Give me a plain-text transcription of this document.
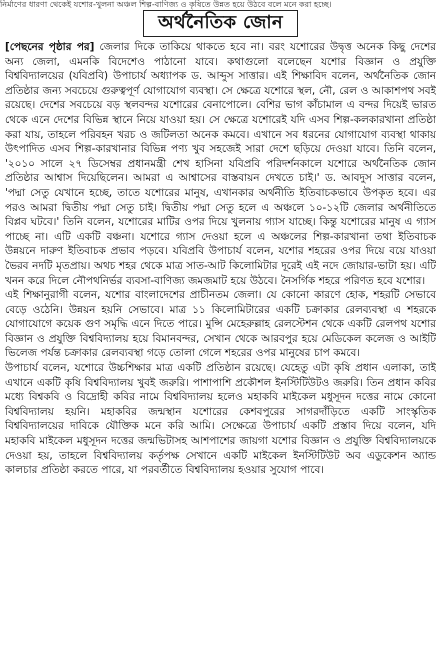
নির্মাণের ধারণা থেকেই যশোর-খুলনা অঞ্চল শিল্প-বাণিজ্য ও কৃষিতে উন্নত হয়ে উঠবে বলে মনে করা হচ্ছে।
অর্থনৈতিক জোন

[পেছনের পৃষ্ঠার পর] জেলার দিকে তাকিয়ে থাকতে হবে না। বরং যশোরের উদ্বৃত্ত অনেক কিছু দেশের অন্য জেলা, এমনকি বিদেশেও পাঠানো যাবে। কথাগুলো বলেছেন যশোর বিজ্ঞান ও প্রযুক্তি বিশ্ববিদ্যালয়ের (যবিপ্রবি) উপাচার্য অধ্যাপক ড. আব্দুস সাত্তার। এই শিক্ষাবিদ বলেন, অর্থনৈতিক জোন প্রতিষ্ঠার জন্য সবচেয়ে গুরুত্বপূর্ণ যোগাযোগ ব্যবস্থা। সে ক্ষেত্রে যশোরে স্থল, নৌ, রেল ও আকাশপথ সবই রয়েছে। দেশের সবচেয়ে বড় স্থলবন্দর যশোরের বেনাপোলে। বেশির ভাগ কাঁচামাল এ বন্দর দিয়েই ভারত থেকে এনে দেশের বিভিন্ন স্থানে নিয়ে যাওয়া হয়। সে ক্ষেত্রে যশোরেই যদি এসব শিল্প-কলকারখানা প্রতিষ্ঠা করা যায়, তাহলে পরিবহন খরচ ও জটিলতা অনেক কমবে। এখানে সব ধরনের যোগাযোগ ব্যবস্থা থাকায় উৎপাদিত এসব শিল্প-কারখানার বিভিন্ন পণ্য খুব সহজেই সারা দেশে ছড়িয়ে দেওয়া যাবে। তিনি বলেন, '২০১০ সালে ২৭ ডিসেম্বর প্রধানমন্ত্রী শেখ হাসিনা যবিপ্রবি পরিদর্শনকালে যশোরে অর্থনৈতিক জোন প্রতিষ্ঠার আশ্বাস দিয়েছিলেন। আমরা এ আশ্বাসের বাস্তবায়ন দেখতে চাই।' ড. আবদুস সাত্তার বলেন, 'পদ্মা সেতু যেখানে হচ্ছে, তাতে যশোরের মানুষ, এখানকার অর্থনীতি ইতিবাচকভাবে উপকৃত হবে। এর পরও আমরা দ্বিতীয় পদ্মা সেতু চাই। দ্বিতীয় পদ্মা সেতু হলে এ অঞ্চলে ১০-১২টি জেলার অর্থনীতিতে বিপ্লব ঘটবে।' তিনি বলেন, যশোরের মাটির ওপর দিয়ে খুলনায় গ্যাস যাচ্ছে। কিন্তু যশোরের মানুষ এ গ্যাস পাচ্ছে না। এটি একটি বঞ্চনা। যশোরে গ্যাস দেওয়া হলে এ অঞ্চলের শিল্প-কারখানা তথা ইতিবাচক উন্নয়নে দারুণ ইতিবাচক প্রভাব পড়বে। যবিপ্রবি উপাচার্য বলেন, যশোর শহরের ওপর দিয়ে বয়ে যাওয়া ভৈরব নদটি মৃতপ্রায়। অথচ শহর থেকে মাত্র সাত-আট কিলোমিটার দূরেই এই নদে জোয়ার-ভাটা হয়। এটি খনন করে দিলে নৌপথনির্ভর ব্যবসা-বাণিজ্য জমজমাট হয়ে উঠবে। নৈসর্গিক শহরে পরিণত হবে যশোর।

এই শিক্ষানুরাগী বলেন, যশোর বাংলাদেশের প্রাচীনতম জেলা। যে কোনো কারণে হোক, শহরটি সেভাবে বেড়ে ওঠেনি। উন্নয়ন হয়নি সেভাবে। মাত্র ১১ কিলোমিটারের একটি চক্রাকার রেলব্যবস্থা এ শহরকে যোগাযোগে কয়েক গুণ সমৃদ্ধি এনে দিতে পারে। মুন্সি মেহেরুল্লাহ রেলস্টেশন থেকে একটি রেলপথ যশোর বিজ্ঞান ও প্রযুক্তি বিশ্ববিদ্যালয় হয়ে বিমানবন্দর, সেখান থেকে আরবপুর হয়ে মেডিকেল কলেজ ও আইটি ভিলেজ পর্যন্ত চক্রাকার রেলব্যবস্থা গড়ে তোলা গেলে শহরের ওপর মানুষের চাপ কমবে।

উপাচার্য বলেন, যশোরে উচ্চশিক্ষার মাত্র একটি প্রতিষ্ঠান রয়েছে। যেহেতু এটা কৃষি প্রধান এলাকা, তাই এখানে একটি কৃষি বিশ্ববিদ্যালয় খুবই জরুরি। পাশাপাশি প্রকৌশল ইনস্টিটিউটও জরুরি। তিন প্রধান কবির মধ্যে বিশ্বকবি ও বিদ্রোহী কবির নামে বিশ্ববিদ্যালয় হলেও মহাকবি মাইকেল মধুসূদন দত্তের নামে কোনো বিশ্ববিদ্যালয় হয়নি। মহাকবির জন্মস্থান যশোরের কেশবপুরের সাগরদাঁড়িতে একটি সাংস্কৃতিক বিশ্ববিদ্যালয়ের দাবিকে যৌক্তিক মনে করি আমি। সেক্ষেত্রে উপাচার্য একটি প্রস্তাব দিয়ে বলেন, যদি মহাকবি মাইকেল মধুসূদন দত্তের জন্মভিটাসহ আশপাশের জায়গা যশোর বিজ্ঞান ও প্রযুক্তি বিশ্ববিদ্যালয়কে দেওয়া হয়, তাহলে বিশ্ববিদ্যালয় কর্তৃপক্ষ সেখানে একটি মাইকেল ইনস্টিটিউট অব এডুকেশন অ্যান্ড কালচার প্রতিষ্ঠা করতে পারে, যা পরবর্তীতে বিশ্ববিদ্যালয় হওয়ার সুযোগ পাবে।
